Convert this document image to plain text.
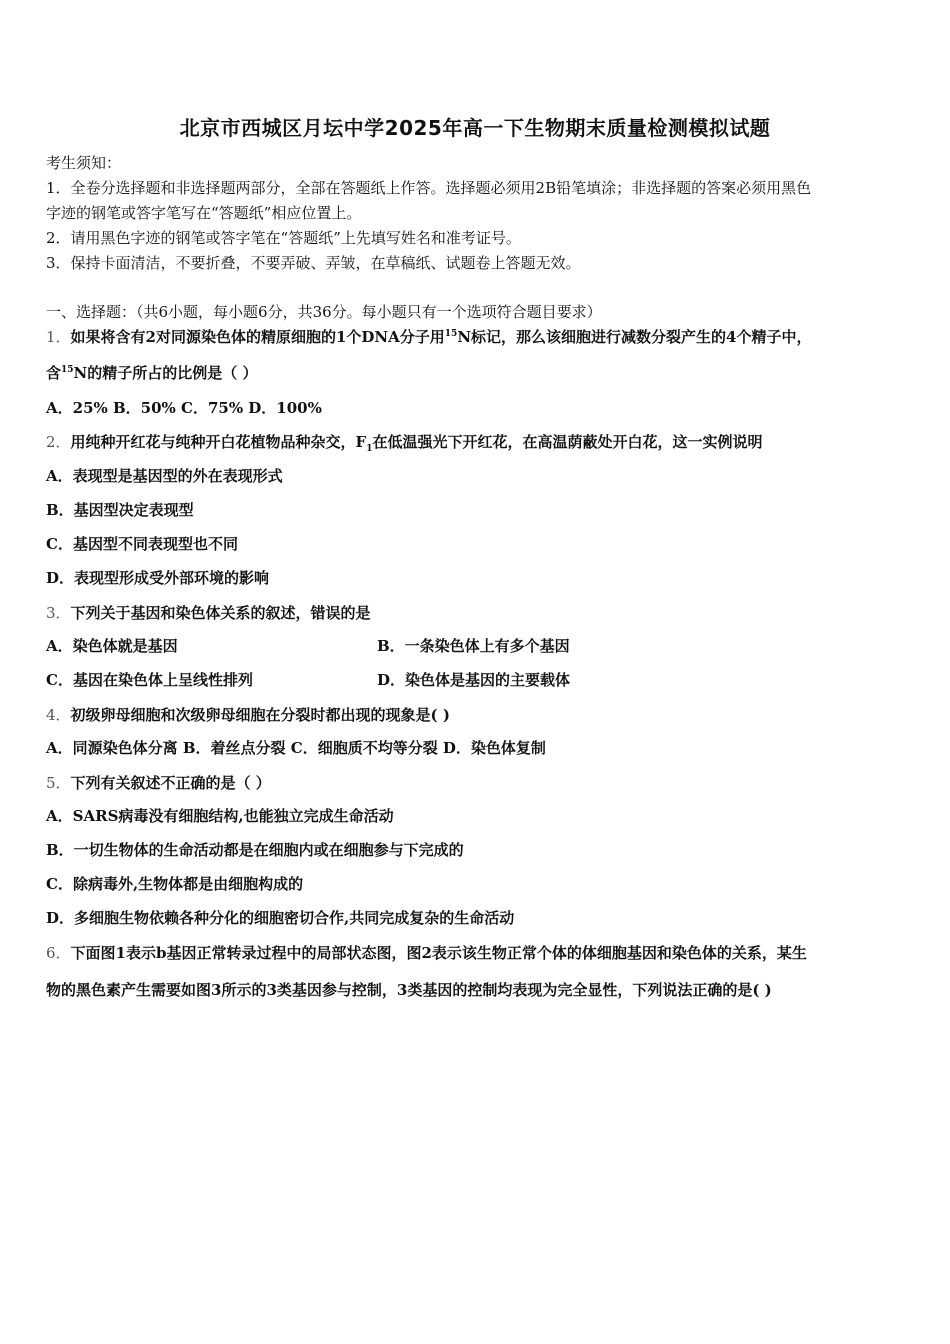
北京市西城区月坛中学2025年高一下生物期末质量检测模拟试题
考生须知：
1．全卷分选择题和非选择题两部分，全部在答题纸上作答。选择题必须用2B铅笔填涂；非选择题的答案必须用黑色
字迹的钢笔或答字笔写在“答题纸”相应位置上。
2．请用黑色字迹的钢笔或答字笔在“答题纸”上先填写姓名和准考证号。
3．保持卡面清洁，不要折叠，不要弄破、弄皱，在草稿纸、试题卷上答题无效。
一、选择题：（共6小题，每小题6分，共36分。每小题只有一个选项符合题目要求）
1．如果将含有2对同源染色体的精原细胞的1个DNA分子用$^{15}$N标记，那么该细胞进行减数分裂产生的4个精子中，
含$^{15}$N的精子所占的比例是（ ）
A．25% B．50% C．75% D．100%
2．用纯种开红花与纯种开白花植物品种杂交，$F_1$在低温强光下开红花，在高温荫蔽处开白花，这一实例说明
A．表现型是基因型的外在表现形式
B．基因型决定表现型
C．基因型不同表现型也不同
D．表现型形成受外部环境的影响
3．下列关于基因和染色体关系的叙述，错误的是
A．染色体就是基因	B．一条染色体上有多个基因
C．基因在染色体上呈线性排列	D．染色体是基因的主要载体
4．初级卵母细胞和次级卵母细胞在分裂时都出现的现象是( )
A．同源染色体分离 B．着丝点分裂 C．细胞质不均等分裂 D．染色体复制
5．下列有关叙述不正确的是（ ）
A．SARS病毒没有细胞结构,也能独立完成生命活动
B．一切生物体的生命活动都是在细胞内或在细胞参与下完成的
C．除病毒外,生物体都是由细胞构成的
D．多细胞生物依赖各种分化的细胞密切合作,共同完成复杂的生命活动
6．下面图1表示b基因正常转录过程中的局部状态图，图2表示该生物正常个体的体细胞基因和染色体的关系，某生
物的黑色素产生需要如图3所示的3类基因参与控制，3类基因的控制均表现为完全显性，下列说法正确的是( )
